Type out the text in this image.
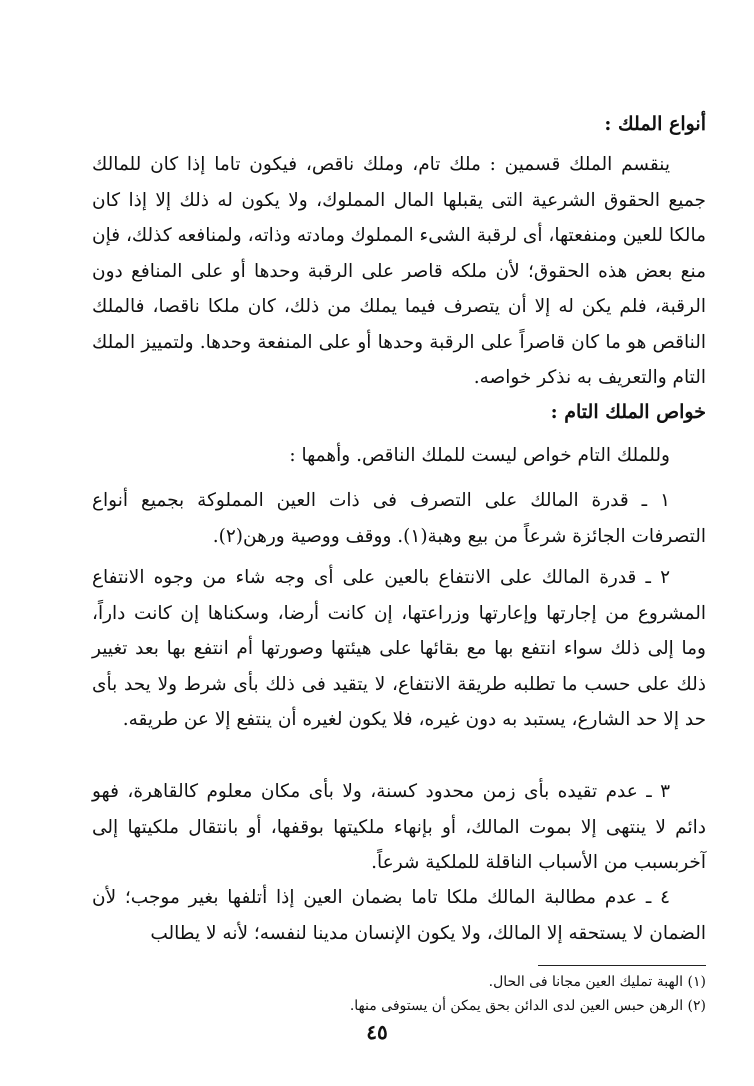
أنواع الملك :

ينقسم الملك قسمين : ملك تام، وملك ناقص، فيكون تاما إذا كان للمالك جميع الحقوق الشرعية التى يقبلها المال المملوك، ولا يكون له ذلك إلا إذا كان مالكا للعين ومنفعتها، أى لرقبة الشىء المملوك ومادته وذاته، ولمنافعه كذلك، فإن منع بعض هذه الحقوق؛ لأن ملكه قاصر على الرقبة وحدها أو على المنافع دون الرقبة، فلم يكن له إلا أن يتصرف فيما يملك من ذلك، كان ملكا ناقصا، فالملك الناقص هو ما كان قاصراً على الرقبة وحدها أو على المنفعة وحدها. ولتمييز الملك التام والتعريف به نذكر خواصه.

خواص الملك التام :

وللملك التام خواص ليست للملك الناقص. وأهمها :

١ ـ قدرة المالك على التصرف فى ذات العين المملوكة بجميع أنواع التصرفات الجائزة شرعاً من بيع وهبة(١). ووقف ووصية ورهن(٢).

٢ ـ قدرة المالك على الانتفاع بالعين على أى وجه شاء من وجوه الانتفاع المشروع من إجارتها وإعارتها وزراعتها، إن كانت أرضا، وسكناها إن كانت داراً، وما إلى ذلك سواء انتفع بها مع بقائها على هيئتها وصورتها أم انتفع بها بعد تغيير ذلك على حسب ما تطلبه طريقة الانتفاع، لا يتقيد فى ذلك بأى شرط ولا يحد بأى حد إلا حد الشارع، يستبد به دون غيره، فلا يكون لغيره أن ينتفع إلا عن طريقه.

٣ ـ عدم تقيده بأى زمن محدود كسنة، ولا بأى مكان معلوم كالقاهرة، فهو دائم لا ينتهى إلا بموت المالك، أو بإنهاء ملكيتها بوقفها، أو بانتقال ملكيتها إلى آخربسبب من الأسباب الناقلة للملكية شرعاً.

٤ ـ عدم مطالبة المالك ملكا تاما بضمان العين إذا أتلفها بغير موجب؛ لأن الضمان لا يستحقه إلا المالك، ولا يكون الإنسان مدينا لنفسه؛ لأنه لا يطالب

(١) الهبة تمليك العين مجانا فى الحال.
(٢) الرهن حبس العين لدى الدائن بحق يمكن أن يستوفى منها.
٤٥
